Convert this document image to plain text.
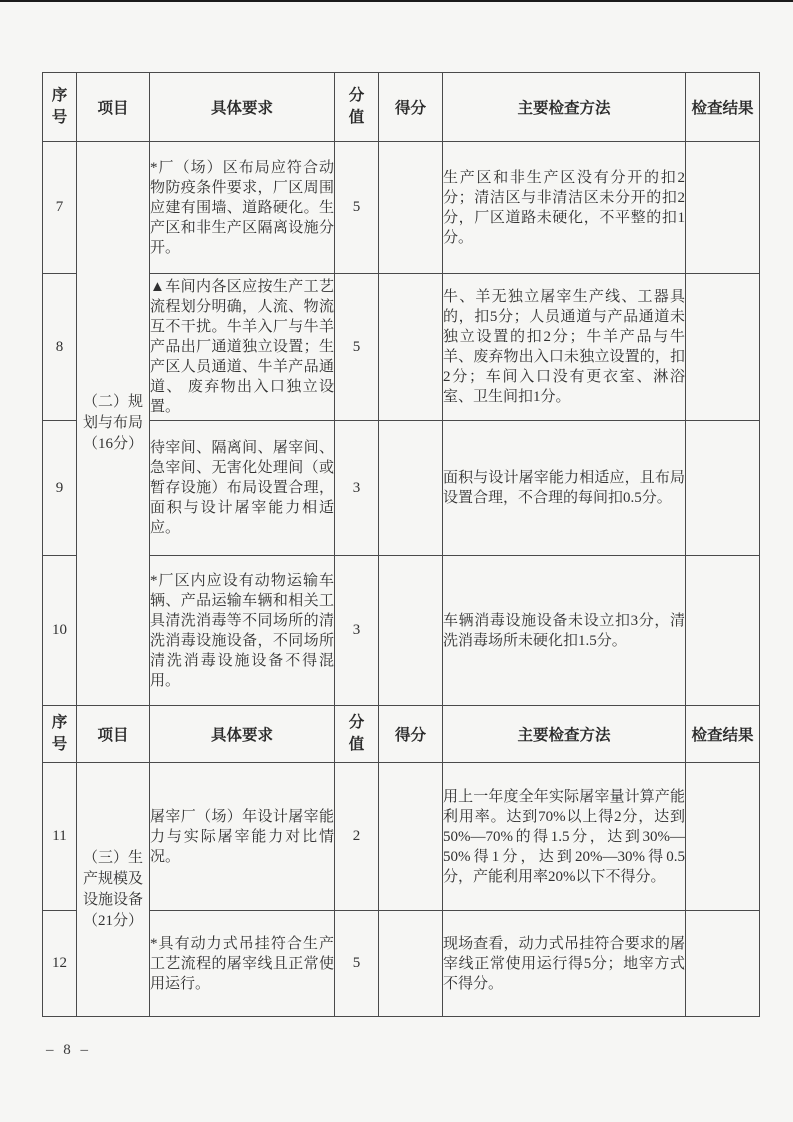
序号	项目	具体要求	分值	得分	主要检查方法	检查结果
7	（二）规划与布局（16分）	*厂（场）区布局应符合动物防疫条件要求，厂区周围应建有围墙、道路硬化。生产区和非生产区隔离设施分开。	5		生产区和非生产区没有分开的扣2分；清洁区与非清洁区未分开的扣2分，厂区道路未硬化，不平整的扣1分。	
8		▲车间内各区应按生产工艺流程划分明确，人流、物流互不干扰。牛羊入厂与牛羊产品出厂通道独立设置；生产区人员通道、牛羊产品通道、 废弃物出入口独立设置。	5		牛、羊无独立屠宰生产线、工器具的，扣5分；人员通道与产品通道未独立设置的扣2分；牛羊产品与牛羊、废弃物出入口未独立设置的，扣2分；车间入口没有更衣室、淋浴室、卫生间扣1分。	
9		待宰间、隔离间、屠宰间、急宰间、无害化处理间（或暂存设施）布局设置合理，面积与设计屠宰能力相适应。	3		面积与设计屠宰能力相适应，且布局设置合理，不合理的每间扣0.5分。	
10		*厂区内应设有动物运输车辆、产品运输车辆和相关工具清洗消毒等不同场所的清洗消毒设施设备，不同场所清洗消毒设施设备不得混用。	3		车辆消毒设施设备未设立扣3分，清洗消毒场所未硬化扣1.5分。	

序号	项目	具体要求	分值	得分	主要检查方法	检查结果
11	（三）生产规模及设施设备（21分）	屠宰厂（场）年设计屠宰能力与实际屠宰能力对比情况。	2		用上一年度全年实际屠宰量计算产能利用率。达到70%以上得2分，达到50%—70%的得1.5分，达到30%—50%得1分，达到20%—30%得0.5分，产能利用率20%以下不得分。	
12		*具有动力式吊挂符合生产工艺流程的屠宰线且正常使用运行。	5		现场查看，动力式吊挂符合要求的屠宰线正常使用运行得5分；地宰方式不得分。	
– 8 –
